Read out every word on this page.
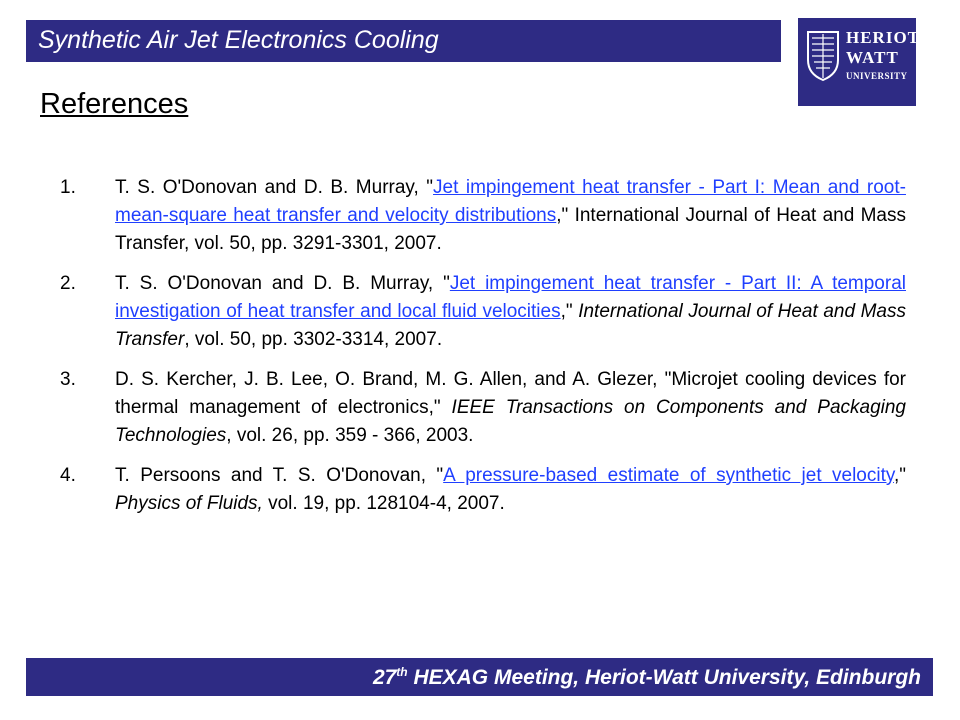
Synthetic Air Jet Electronics Cooling	HERIOT
WATT
UNIVERSITY
References
1. T. S. O'Donovan and D. B. Murray, "Jet impingement heat transfer - Part I: Mean and root-mean-square heat transfer and velocity distributions," International Journal of Heat and Mass Transfer, vol. 50, pp. 3291-3301, 2007.
2. T. S. O'Donovan and D. B. Murray, "Jet impingement heat transfer - Part II: A temporal investigation of heat transfer and local fluid velocities," International Journal of Heat and Mass Transfer, vol. 50, pp. 3302-3314, 2007.
3. D. S. Kercher, J. B. Lee, O. Brand, M. G. Allen, and A. Glezer, "Microjet cooling devices for thermal management of electronics," IEEE Transactions on Components and Packaging Technologies, vol. 26, pp. 359 - 366, 2003.
4. T. Persoons and T. S. O'Donovan, "A pressure-based estimate of synthetic jet velocity," Physics of Fluids, vol. 19, pp. 128104-4, 2007.
27th HEXAG Meeting, Heriot-Watt University, Edinburgh
